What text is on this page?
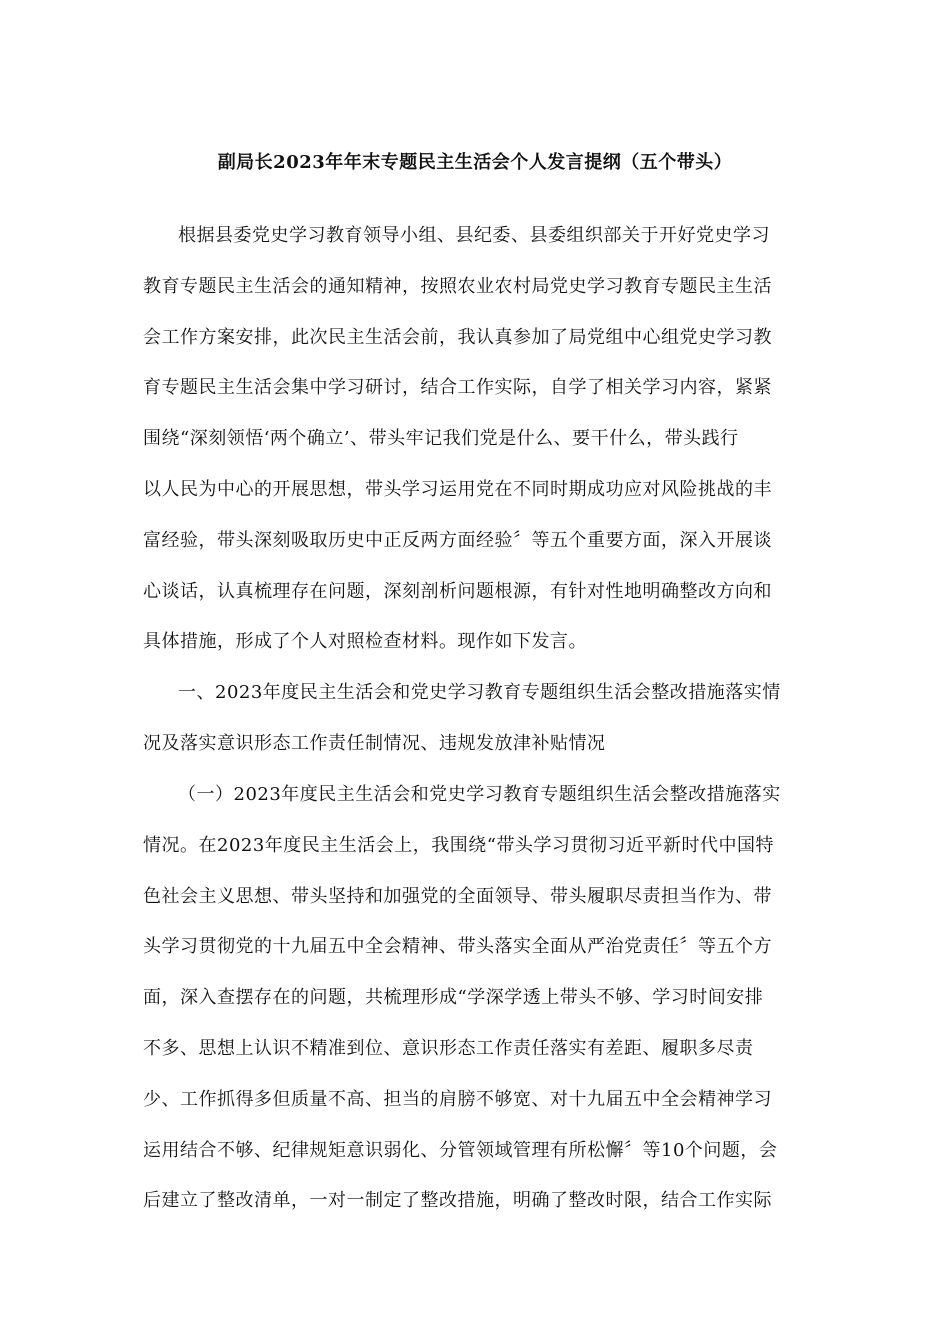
副局长2023年年末专题民主生活会个人发言提纲（五个带头）
根据县委党史学习教育领导小组、县纪委、县委组织部关于开好党史学习
教育专题民主生活会的通知精神，按照农业农村局党史学习教育专题民主生活
会工作方案安排，此次民主生活会前，我认真参加了局党组中心组党史学习教
育专题民主生活会集中学习研讨，结合工作实际，自学了相关学习内容，紧紧
围绕“深刻领悟‘两个确立’、带头牢记我们党是什么、要干什么，带头践行
以人民为中心的开展思想，带头学习运用党在不同时期成功应对风险挑战的丰
富经验，带头深刻吸取历史中正反两方面经验〞等五个重要方面，深入开展谈
心谈话，认真梳理存在问题，深刻剖析问题根源，有针对性地明确整改方向和
具体措施，形成了个人对照检查材料。现作如下发言。
一、2023年度民主生活会和党史学习教育专题组织生活会整改措施落实情
况及落实意识形态工作责任制情况、违规发放津补贴情况
（一）2023年度民主生活会和党史学习教育专题组织生活会整改措施落实
情况。在2023年度民主生活会上，我围绕“带头学习贯彻习近平新时代中国特
色社会主义思想、带头坚持和加强党的全面领导、带头履职尽责担当作为、带
头学习贯彻党的十九届五中全会精神、带头落实全面从严治党责任〞等五个方
面，深入查摆存在的问题，共梳理形成“学深学透上带头不够、学习时间安排
不多、思想上认识不精准到位、意识形态工作责任落实有差距、履职多尽责
少、工作抓得多但质量不高、担当的肩膀不够宽、对十九届五中全会精神学习
运用结合不够、纪律规矩意识弱化、分管领域管理有所松懈〞等10个问题，会
后建立了整改清单，一对一制定了整改措施，明确了整改时限，结合工作实际
